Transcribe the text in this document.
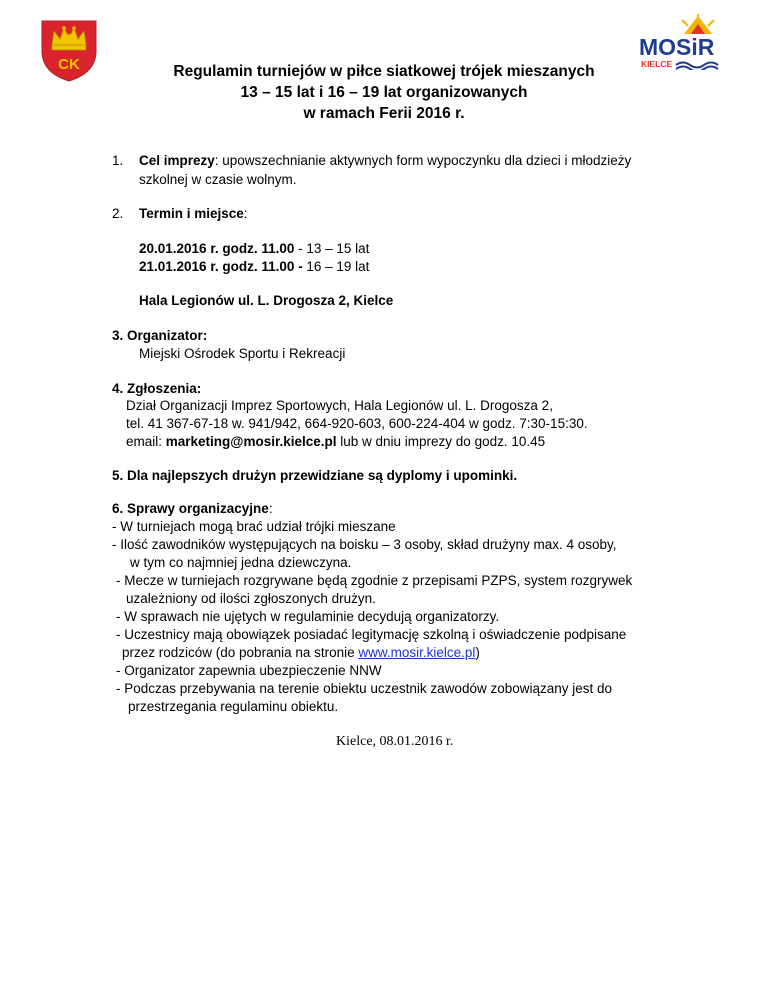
CK
MOSiR
KIELCE
Regulamin turniejów w piłce siatkowej trójek mieszanych
13 – 15 lat i 16 – 19 lat organizowanych
w ramach Ferii 2016 r.
1. Cel imprezy: upowszechnianie aktywnych form wypoczynku dla dzieci i młodzieży
szkolnej w czasie wolnym.
2. Termin i miejsce:
20.01.2016 r. godz. 11.00 - 13 – 15 lat
21.01.2016 r. godz. 11.00 - 16 – 19 lat
Hala Legionów ul. L. Drogosza 2, Kielce
3. Organizator:
Miejski Ośrodek Sportu i Rekreacji
4. Zgłoszenia:
Dział Organizacji Imprez Sportowych, Hala Legionów ul. L. Drogosza 2,
tel. 41 367-67-18 w. 941/942, 664-920-603, 600-224-404 w godz. 7:30-15:30.
email: marketing@mosir.kielce.pl lub w dniu imprezy do godz. 10.45
5. Dla najlepszych drużyn przewidziane są dyplomy i upominki.
6. Sprawy organizacyjne:
- W turniejach mogą brać udział trójki mieszane
- Ilość zawodników występujących na boisku – 3 osoby, skład drużyny max. 4 osoby,
w tym co najmniej jedna dziewczyna.
- Mecze w turniejach rozgrywane będą zgodnie z przepisami PZPS, system rozgrywek
uzależniony od ilości zgłoszonych drużyn.
- W sprawach nie ujętych w regulaminie decydują organizatorzy.
- Uczestnicy mają obowiązek posiadać legitymację szkolną i oświadczenie podpisane
przez rodziców (do pobrania na stronie www.mosir.kielce.pl)
- Organizator zapewnia ubezpieczenie NNW
- Podczas przebywania na terenie obiektu uczestnik zawodów zobowiązany jest do
przestrzegania regulaminu obiektu.
Kielce, 08.01.2016 r.
